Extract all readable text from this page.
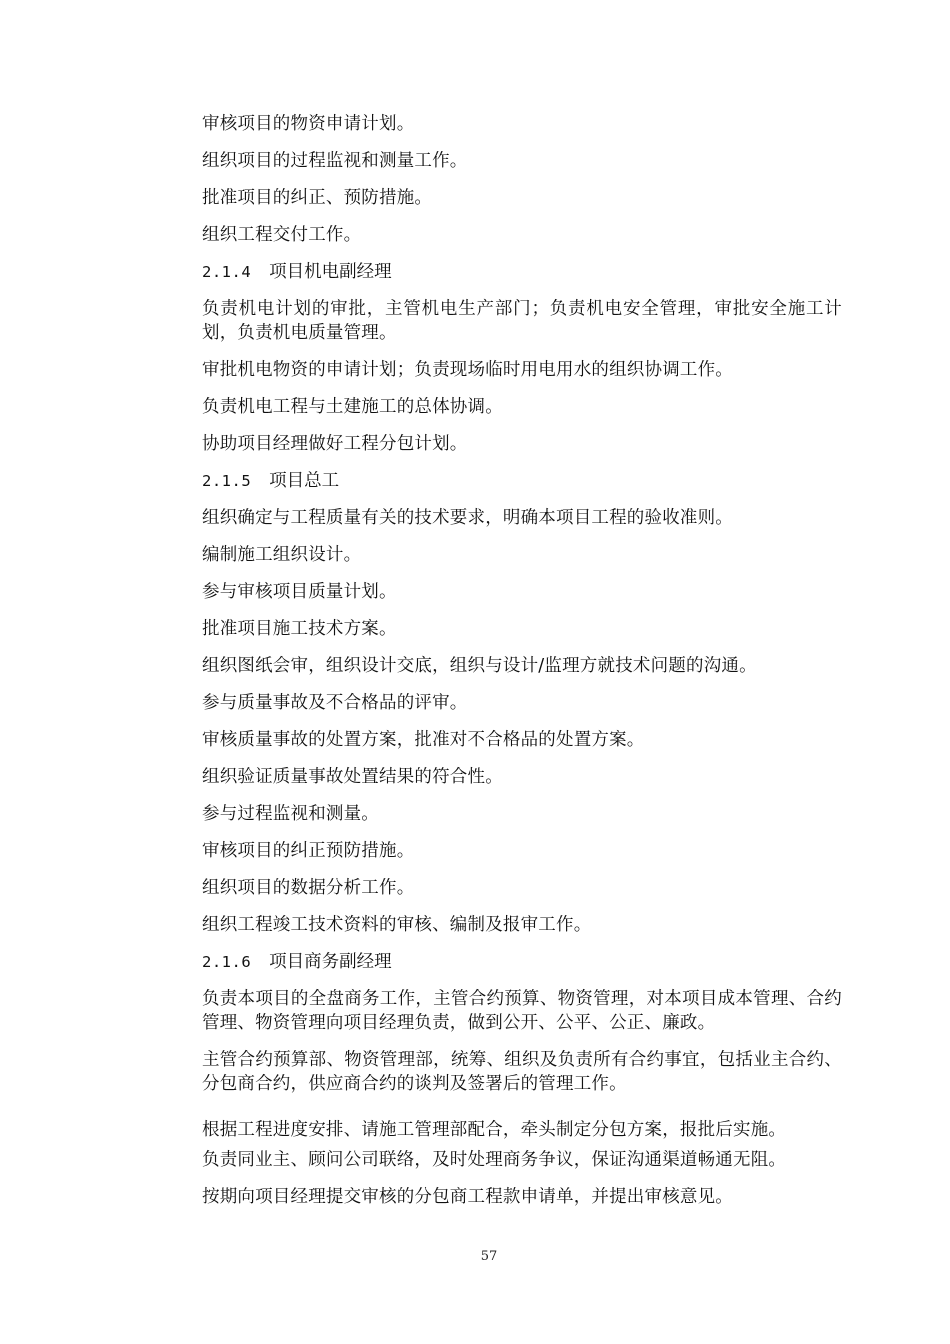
审核项目的物资申请计划。
组织项目的过程监视和测量工作。
批准项目的纠正、预防措施。
组织工程交付工作。
2.1.4 项目机电副经理
负责机电计划的审批，主管机电生产部门；负责机电安全管理，审批安全施工计划，负责机电质量管理。
审批机电物资的申请计划；负责现场临时用电用水的组织协调工作。
负责机电工程与土建施工的总体协调。
协助项目经理做好工程分包计划。
2.1.5 项目总工
组织确定与工程质量有关的技术要求，明确本项目工程的验收准则。
编制施工组织设计。
参与审核项目质量计划。
批准项目施工技术方案。
组织图纸会审，组织设计交底，组织与设计/监理方就技术问题的沟通。
参与质量事故及不合格品的评审。
审核质量事故的处置方案，批准对不合格品的处置方案。
组织验证质量事故处置结果的符合性。
参与过程监视和测量。
审核项目的纠正预防措施。
组织项目的数据分析工作。
组织工程竣工技术资料的审核、编制及报审工作。
2.1.6 项目商务副经理
负责本项目的全盘商务工作，主管合约预算、物资管理，对本项目成本管理、合约管理、物资管理向项目经理负责，做到公开、公平、公正、廉政。
主管合约预算部、物资管理部，统筹、组织及负责所有合约事宜，包括业主合约、分包商合约，供应商合约的谈判及签署后的管理工作。
根据工程进度安排、请施工管理部配合，牵头制定分包方案，报批后实施。
负责同业主、顾问公司联络，及时处理商务争议，保证沟通渠道畅通无阻。
按期向项目经理提交审核的分包商工程款申请单，并提出审核意见。
57
